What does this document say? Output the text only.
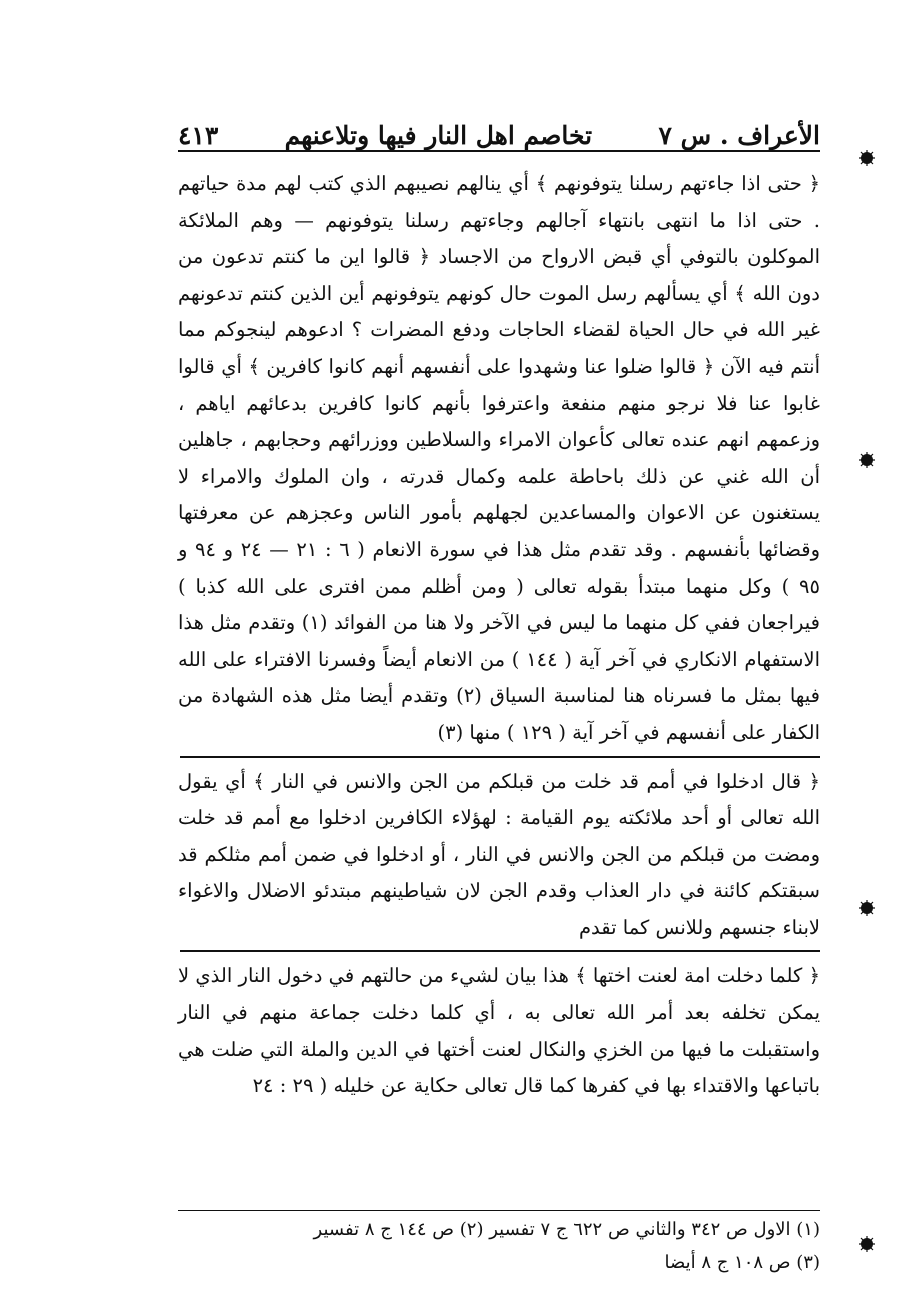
الأعراف . س ٧
تخاصم اهل النار فيها وتلاعنهم
٤١٣

﴿ حتى اذا جاءتهم رسلنا يتوفونهم ﴾ أي ينالهم نصيبهم الذي كتب لهم مدة حياتهم . حتى اذا ما انتهى بانتهاء آجالهم وجاءتهم رسلنا يتوفونهم — وهم الملائكة الموكلون بالتوفي أي قبض الارواح من الاجساد ﴿ قالوا اين ما كنتم تدعون من دون الله ﴾ أي يسألهم رسل الموت حال كونهم يتوفونهم أين الذين كنتم تدعونهم غير الله في حال الحياة لقضاء الحاجات ودفع المضرات ؟ ادعوهم لينجوكم مما أنتم فيه الآن ﴿ قالوا ضلوا عنا وشهدوا على أنفسهم أنهم كانوا كافرين ﴾ أي قالوا غابوا عنا فلا نرجو منهم منفعة واعترفوا بأنهم كانوا كافرين بدعائهم اياهم ، وزعمهم انهم عنده تعالى كأعوان الامراء والسلاطين ووزرائهم وحجابهم ، جاهلين أن الله غني عن ذلك باحاطة علمه وكمال قدرته ، وان الملوك والامراء لا يستغنون عن الاعوان والمساعدين لجهلهم بأمور الناس وعجزهم عن معرفتها وقضائها بأنفسهم . وقد تقدم مثل هذا في سورة الانعام ( ٦ : ٢١ — ٢٤ و ٩٤ و ٩٥ ) وكل منهما مبتدأ بقوله تعالى ( ومن أظلم ممن افترى على الله كذبا ) فيراجعان ففي كل منهما ما ليس في الآخر ولا هنا من الفوائد (١) وتقدم مثل هذا الاستفهام الانكاري في آخر آية ( ١٤٤ ) من الانعام أيضاً وفسرنا الافتراء على الله فيها بمثل ما فسرناه هنا لمناسبة السياق (٢) وتقدم أيضا مثل هذه الشهادة من الكفار على أنفسهم في آخر آية ( ١٢٩ ) منها (٣)

﴿ قال ادخلوا في أمم قد خلت من قبلكم من الجن والانس في النار ﴾ أي يقول الله تعالى أو أحد ملائكته يوم القيامة : لهؤلاء الكافرين ادخلوا مع أمم قد خلت ومضت من قبلكم من الجن والانس في النار ، أو ادخلوا في ضمن أمم مثلكم قد سبقتكم كائنة في دار العذاب وقدم الجن لان شياطينهم مبتدئو الاضلال والاغواء لابناء جنسهم وللانس كما تقدم

﴿ كلما دخلت امة لعنت اختها ﴾ هذا بيان لشيء من حالتهم في دخول النار الذي لا يمكن تخلفه بعد أمر الله تعالى به ، أي كلما دخلت جماعة منهم في النار واستقبلت ما فيها من الخزي والنكال لعنت أختها في الدين والملة التي ضلت هي باتباعها والاقتداء بها في كفرها كما قال تعالى حكاية عن خليله ( ٢٩ : ٢٤

(١) الاول ص ٣٤٢ والثاني ص ٦٢٢ ج ٧ تفسير (٢) ص ١٤٤ ج ٨ تفسير

(٣) ص ١٠٨ ج ٨ أيضا
